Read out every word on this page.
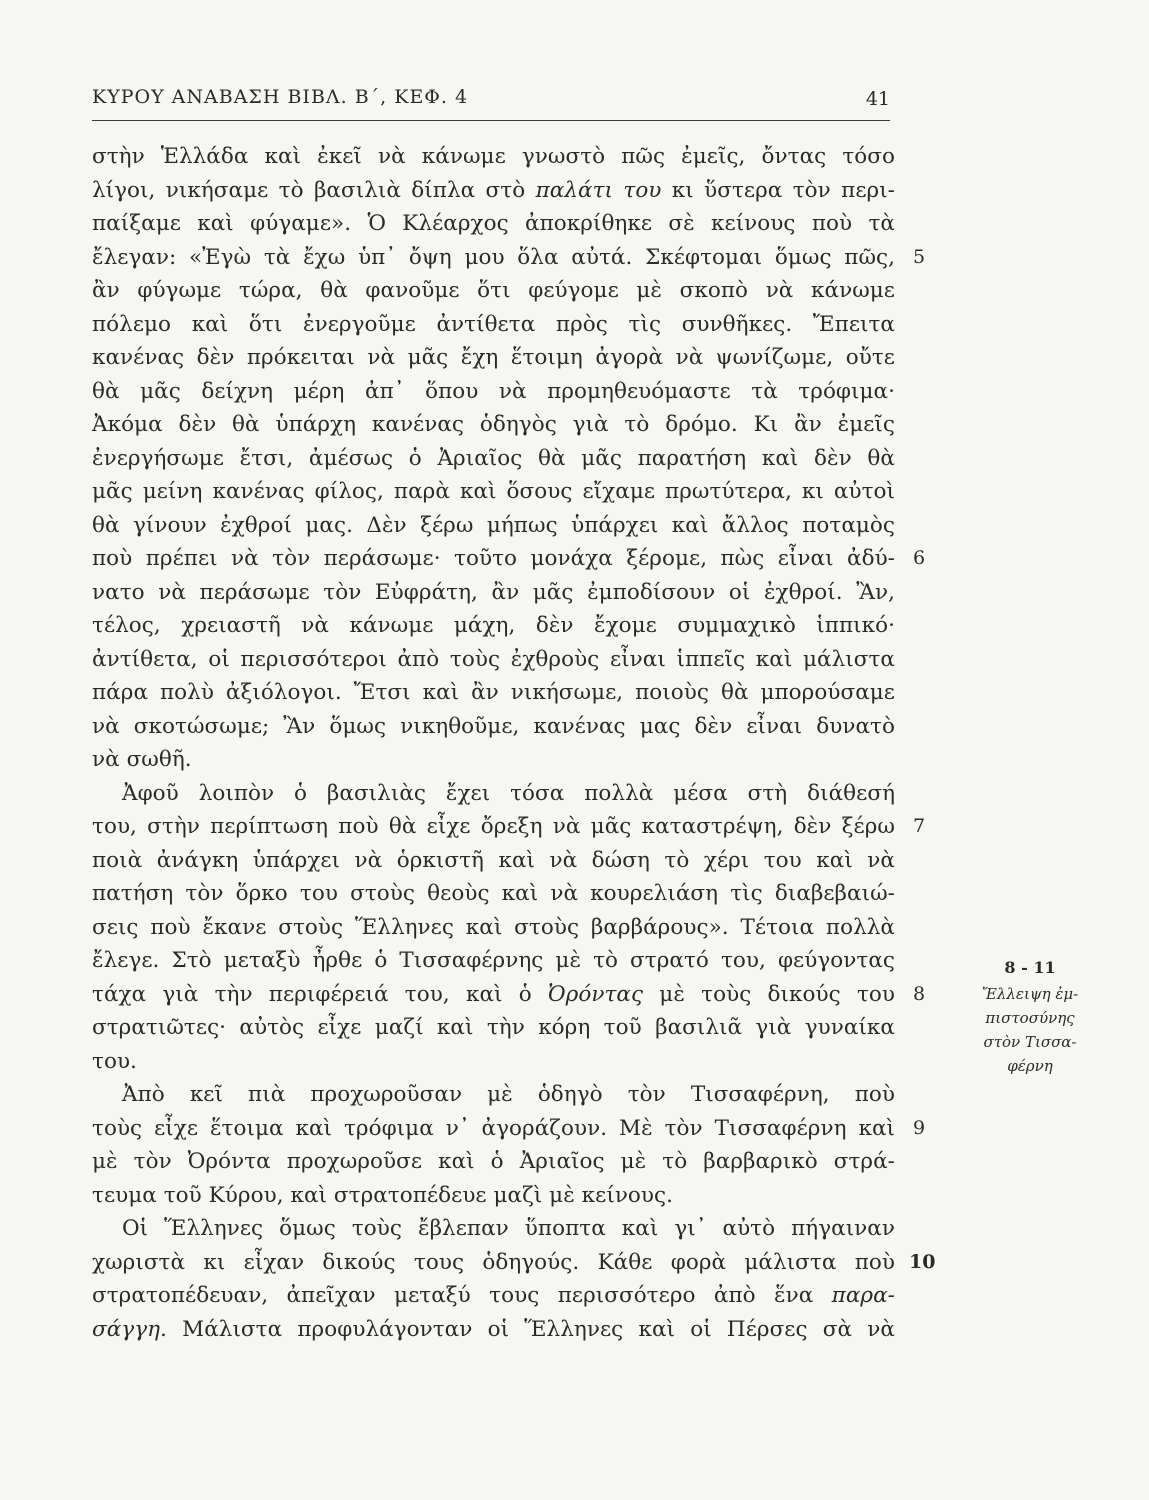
ΚΥΡΟΥ ΑΝΑΒΑΣΗ ΒΙΒΛ. Β΄, ΚΕΦ. 4	41
στὴν Ἑλλάδα καὶ ἐκεῖ νὰ κάνωμε γνωστὸ πῶς ἐμεῖς, ὄντας τόσο
λίγοι, νικήσαμε τὸ βασιλιὰ δίπλα στὸ παλάτι του κι ὕστερα τὸν περι-
παίξαμε καὶ φύγαμε». Ὁ Κλέαρχος ἀποκρίθηκε σὲ κείνους ποὺ τὰ
ἔλεγαν: «Ἐγὼ τὰ ἔχω ὑπ᾽ ὄψη μου ὅλα αὐτά. Σκέφτομαι ὅμως πῶς,
ἂν φύγωμε τώρα, θὰ φανοῦμε ὅτι φεύγομε μὲ σκοπὸ νὰ κάνωμε
πόλεμο καὶ ὅτι ἐνεργοῦμε ἀντίθετα πρὸς τὶς συνθῆκες. Ἔπειτα
κανένας δὲν πρόκειται νὰ μᾶς ἔχη ἕτοιμη ἀγορὰ νὰ ψωνίζωμε, οὔτε
θὰ μᾶς δείχνη μέρη ἀπ᾽ ὅπου νὰ προμηθευόμαστε τὰ τρόφιμα·
Ἀκόμα δὲν θὰ ὑπάρχη κανένας ὁδηγὸς γιὰ τὸ δρόμο. Κι ἂν ἐμεῖς
ἐνεργήσωμε ἔτσι, ἀμέσως ὁ Ἀριαῖος θὰ μᾶς παρατήση καὶ δὲν θὰ
μᾶς μείνη κανένας φίλος, παρὰ καὶ ὅσους εἴχαμε πρωτύτερα, κι αὐτοὶ
θὰ γίνουν ἐχθροί μας. Δὲν ξέρω μήπως ὑπάρχει καὶ ἄλλος ποταμὸς
ποὺ πρέπει νὰ τὸν περάσωμε· τοῦτο μονάχα ξέρομε, πὼς εἶναι ἀδύ-
νατο νὰ περάσωμε τὸν Εὐφράτη, ἂν μᾶς ἐμποδίσουν οἱ ἐχθροί. Ἂν,
τέλος, χρειαστῆ νὰ κάνωμε μάχη, δὲν ἔχομε συμμαχικὸ ἱππικό·
ἀντίθετα, οἱ περισσότεροι ἀπὸ τοὺς ἐχθροὺς εἶναι ἱππεῖς καὶ μάλιστα
πάρα πολὺ ἀξιόλογοι. Ἔτσι καὶ ἂν νικήσωμε, ποιοὺς θὰ μπορούσαμε
νὰ σκοτώσωμε; Ἂν ὅμως νικηθοῦμε, κανένας μας δὲν εἶναι δυνατὸ
νὰ σωθῆ.
Ἀφοῦ λοιπὸν ὁ βασιλιὰς ἔχει τόσα πολλὰ μέσα στὴ διάθεσή
του, στὴν περίπτωση ποὺ θὰ εἶχε ὄρεξη νὰ μᾶς καταστρέψη, δὲν ξέρω
ποιὰ ἀνάγκη ὑπάρχει νὰ ὁρκιστῆ καὶ νὰ δώση τὸ χέρι του καὶ νὰ
πατήση τὸν ὅρκο του στοὺς θεοὺς καὶ νὰ κουρελιάση τὶς διαβεβαιώ-
σεις ποὺ ἔκανε στοὺς Ἕλληνες καὶ στοὺς βαρβάρους». Τέτοια πολλὰ
ἔλεγε. Στὸ μεταξὺ ἦρθε ὁ Τισσαφέρνης μὲ τὸ στρατό του, φεύγοντας
τάχα γιὰ τὴν περιφέρειά του, καὶ ὁ Ὀρόντας μὲ τοὺς δικούς του
στρατιῶτες· αὐτὸς εἶχε μαζί καὶ τὴν κόρη τοῦ βασιλιᾶ γιὰ γυναίκα
του.
Ἀπὸ κεῖ πιὰ προχωροῦσαν μὲ ὁδηγὸ τὸν Τισσαφέρνη, ποὺ
τοὺς εἶχε ἕτοιμα καὶ τρόφιμα ν᾽ ἀγοράζουν. Μὲ τὸν Τισσαφέρνη καὶ
μὲ τὸν Ὀρόντα προχωροῦσε καὶ ὁ Ἀριαῖος μὲ τὸ βαρβαρικὸ στρά-
τευμα τοῦ Κύρου, καὶ στρατοπέδευε μαζὶ μὲ κείνους.
Οἱ Ἕλληνες ὅμως τοὺς ἔβλεπαν ὕποπτα καὶ γι᾽ αὐτὸ πήγαιναν
χωριστὰ κι εἶχαν δικούς τους ὁδηγούς. Κάθε φορὰ μάλιστα ποὺ
στρατοπέδευαν, ἀπεῖχαν μεταξύ τους περισσότερο ἀπὸ ἕνα παρα-
σάγγη. Μάλιστα προφυλάγονταν οἱ Ἕλληνες καὶ οἱ Πέρσες σὰ νὰ
5
6
7
8
9
10
8 - 11
Ἔλλειψη ἐμ-
πιστοσύνης
στὸν Τισσα-
φέρνη
